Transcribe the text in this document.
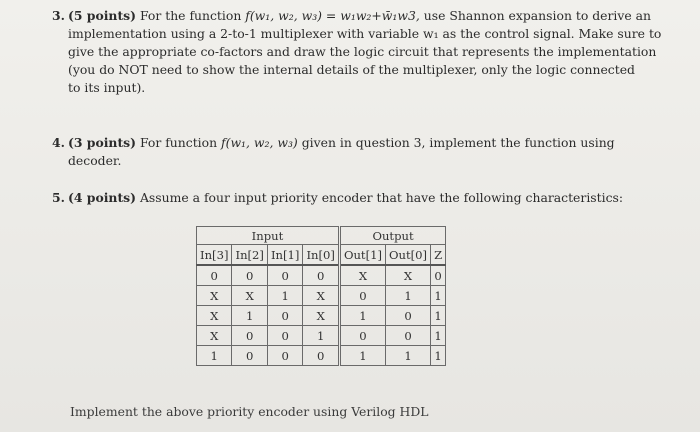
3. (5 points) For the function f(w₁, w₂, w₃) = w₁w₂+w̄₁w3, use Shannon expansion to derive an
implementation using a 2-to-1 multiplexer with variable w₁ as the control signal. Make sure to
give the appropriate co-factors and draw the logic circuit that represents the implementation
(you do NOT need to show the internal details of the multiplexer, only the logic connected
to its input).
4. (3 points) For function f(w₁, w₂, w₃) given in question 3, implement the function using
decoder.
5. (4 points) Assume a four input priority encoder that have the following characteristics:
Input				Output		
In[3]	In[2]	In[1]	In[0]	Out[1]	Out[0]	Z
0	0	0	0	X	X	0
X	X	1	X	0	1	1
X	1	0	X	1	0	1
X	0	0	1	0	0	1
1	0	0	0	1	1	1
Implement the above priority encoder using Verilog HDL
